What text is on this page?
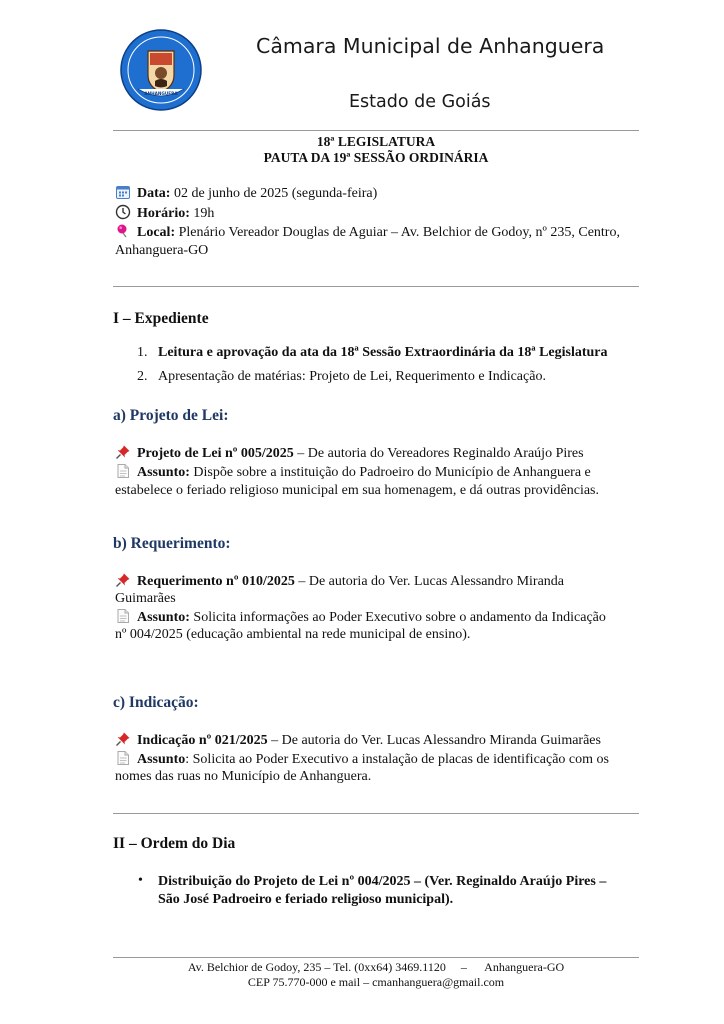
ANHANGUERA
Câmara Municipal de Anhanguera
Estado de Goiás
18ª LEGISLATURA
PAUTA DA 19ª SESSÃO ORDINÁRIA
Data: 02 de junho de 2025 (segunda-feira)
Horário: 19h
Local: Plenário Vereador Douglas de Aguiar – Av. Belchior de Godoy, nº 235, Centro,
Anhanguera-GO
I – Expediente
1. Leitura e aprovação da ata da 18ª Sessão Extraordinária da 18ª Legislatura
2. Apresentação de matérias: Projeto de Lei, Requerimento e Indicação.
a) Projeto de Lei:
Projeto de Lei nº 005/2025 – De autoria do Vereadores Reginaldo Araújo Pires
Assunto: Dispõe sobre a instituição do Padroeiro do Município de Anhanguera e
estabelece o feriado religioso municipal em sua homenagem, e dá outras providências.
b) Requerimento:
Requerimento nº 010/2025 – De autoria do Ver. Lucas Alessandro Miranda
Guimarães
Assunto: Solicita informações ao Poder Executivo sobre o andamento da Indicação
nº 004/2025 (educação ambiental na rede municipal de ensino).
c) Indicação:
Indicação nº 021/2025 – De autoria do Ver. Lucas Alessandro Miranda Guimarães
Assunto: Solicita ao Poder Executivo a instalação de placas de identificação com os
nomes das ruas no Município de Anhanguera.
II – Ordem do Dia
• Distribuição do Projeto de Lei nº 004/2025 – (Ver. Reginaldo Araújo Pires –
São José Padroeiro e feriado religioso municipal).
Av. Belchior de Godoy, 235 – Tel. (0xx64) 3469.1120     –      Anhanguera-GO
CEP 75.770-000 e mail – cmanhanguera@gmail.com
